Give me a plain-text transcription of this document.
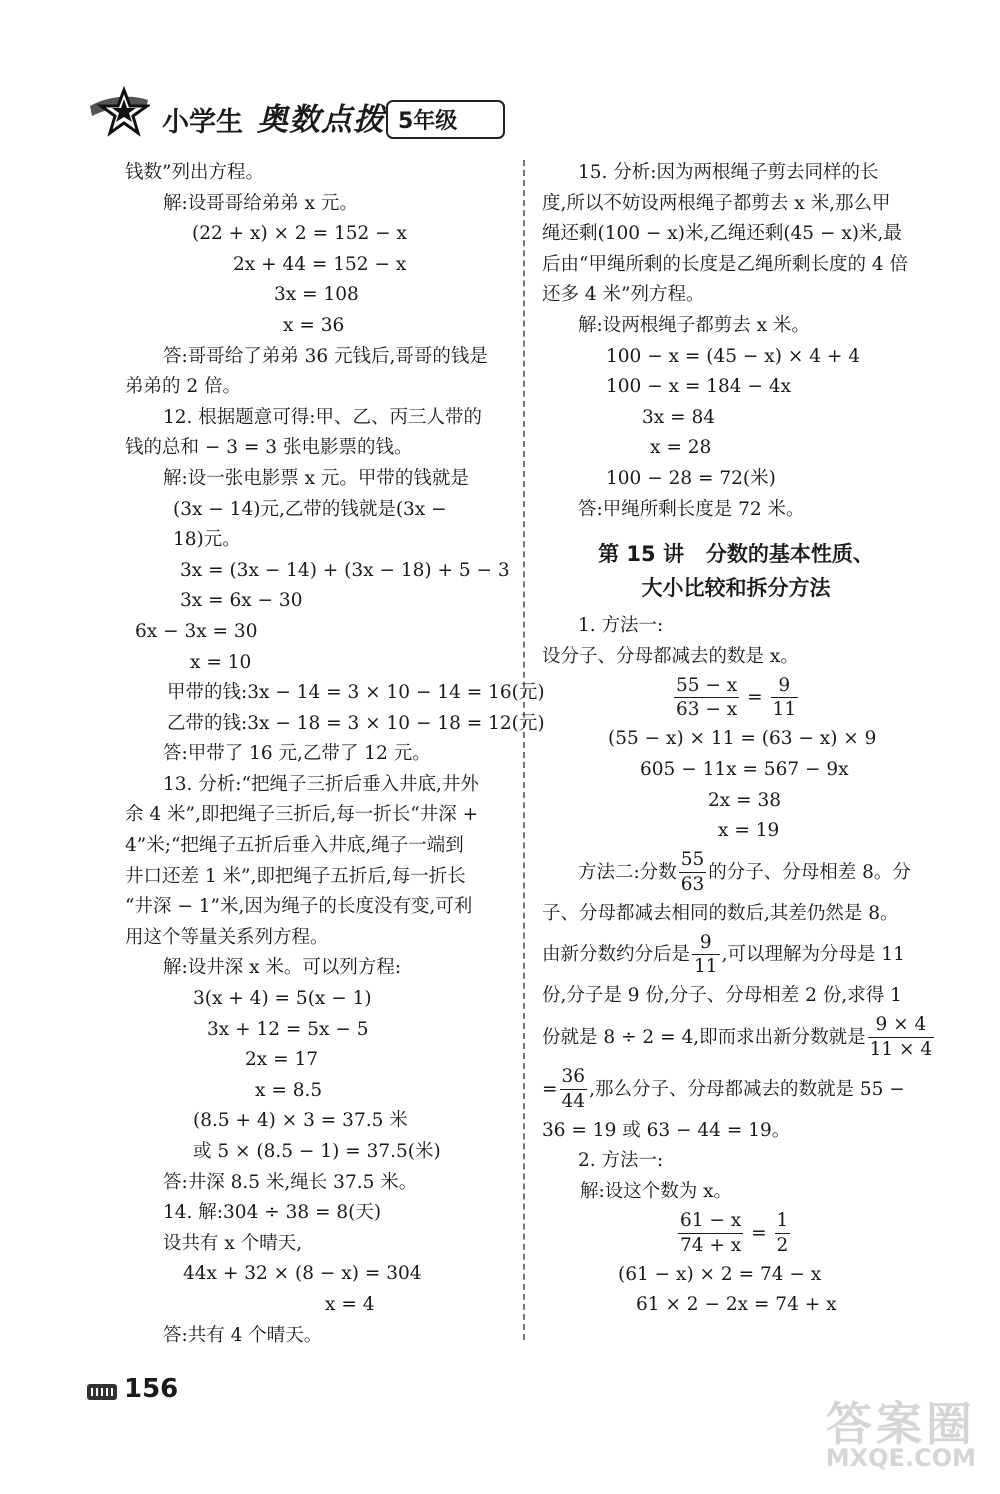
小学生 奥数点拨 5年级
钱数”列出方程。
解:设哥哥给弟弟 x 元。
(22 + x) × 2 = 152 − x
2x + 44 = 152 − x
3x = 108
x = 36
答:哥哥给了弟弟 36 元钱后,哥哥的钱是
弟弟的 2 倍。
12. 根据题意可得:甲、乙、丙三人带的
钱的总和 − 3 = 3 张电影票的钱。
解:设一张电影票 x 元。甲带的钱就是
(3x − 14)元,乙带的钱就是(3x −
18)元。
3x = (3x − 14) + (3x − 18) + 5 − 3
3x = 6x − 30
6x − 3x = 30
x = 10
甲带的钱:3x − 14 = 3 × 10 − 14 = 16(元)
乙带的钱:3x − 18 = 3 × 10 − 18 = 12(元)
答:甲带了 16 元,乙带了 12 元。
13. 分析:“把绳子三折后垂入井底,井外
余 4 米”,即把绳子三折后,每一折长“井深 +
4”米;“把绳子五折后垂入井底,绳子一端到
井口还差 1 米”,即把绳子五折后,每一折长
“井深 − 1”米,因为绳子的长度没有变,可利
用这个等量关系列方程。
解:设井深 x 米。可以列方程:
3(x + 4) = 5(x − 1)
3x + 12 = 5x − 5
2x = 17
x = 8.5
(8.5 + 4) × 3 = 37.5 米
或 5 × (8.5 − 1) = 37.5(米)
答:井深 8.5 米,绳长 37.5 米。
14. 解:304 ÷ 38 = 8(天)
设共有 x 个晴天,
44x + 32 × (8 − x) = 304
x = 4
答:共有 4 个晴天。
15. 分析:因为两根绳子剪去同样的长
度,所以不妨设两根绳子都剪去 x 米,那么甲
绳还剩(100 − x)米,乙绳还剩(45 − x)米,最
后由“甲绳所剩的长度是乙绳所剩长度的 4 倍
还多 4 米”列方程。
解:设两根绳子都剪去 x 米。
100 − x = (45 − x) × 4 + 4
100 − x = 184 − 4x
3x = 84
x = 28
100 − 28 = 72(米)
答:甲绳所剩长度是 72 米。
第 15 讲   分数的基本性质、
大小比较和拆分方法
1. 方法一:
设分子、分母都减去的数是 x。
$\frac{55 - x}{63 - x} = \frac{9}{11}$
(55 − x) × 11 = (63 − x) × 9
605 − 11x = 567 − 9x
2x = 38
x = 19
方法二:分数 $\frac{55}{63}$ 的分子、分母相差 8。分
子、分母都减去相同的数后,其差仍然是 8。
由新分数约分后是 $\frac{9}{11}$ ,可以理解为分母是 11
份,分子是 9 份,分子、分母相差 2 份,求得 1
份就是 8 ÷ 2 = 4,即而求出新分数就是 $\frac{9 \times 4}{11 \times 4}$
= $\frac{36}{44}$ ,那么分子、分母都减去的数就是 55 −
36 = 19 或 63 − 44 = 19。
2. 方法一:
解:设这个数为 x。
$\frac{61 - x}{74 + x} = \frac{1}{2}$
(61 − x) × 2 = 74 − x
61 × 2 − 2x = 74 + x
156
答案圈
MXQE.COM
